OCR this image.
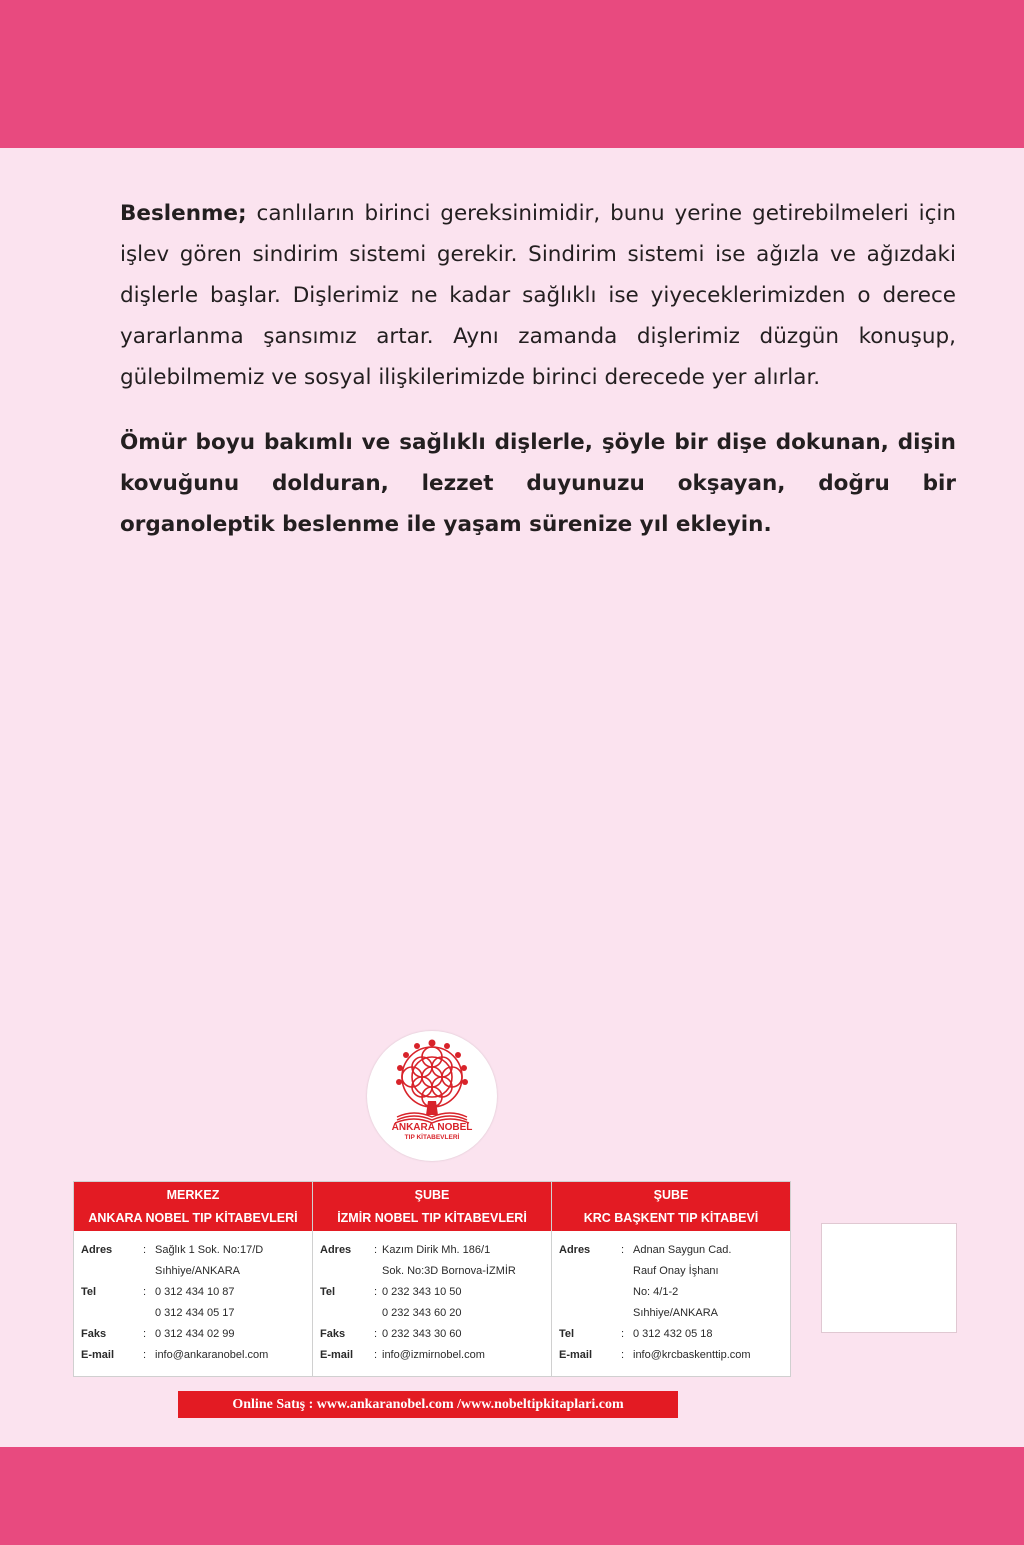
Beslenme; canlıların birinci gereksinimidir, bunu yerine getirebilmeleri için işlev gören sindirim sistemi gerekir. Sindirim sistemi ise ağızla ve ağızdaki dişlerle başlar. Dişlerimiz ne kadar sağlıklı ise yiyeceklerimizden o derece yararlanma şansımız artar. Aynı zamanda dişlerimiz düzgün konuşup, gülebilmemiz ve sosyal ilişkilerimizde birinci derecede yer alırlar.

Ömür boyu bakımlı ve sağlıklı dişlerle, şöyle bir dişe dokunan, dişin kovuğunu dolduran, lezzet duyunuzu okşayan, doğru bir organoleptik beslenme ile yaşam sürenize yıl ekleyin.

ANKARA NOBEL
TIP KİTABEVLERİ
MERKEZ
ANKARA NOBEL TIP KİTABEVLERİ
Adres	: Sağlık 1 Sok. No:17/D
Sıhhiye/ANKARA
Tel	: 0 312 434 10 87
0 312 434 05 17
Faks	: 0 312 434 02 99
E-mail	: info@ankaranobel.com
ŞUBE
İZMİR NOBEL TIP KİTABEVLERİ
Adres	: Kazım Dirik Mh. 186/1
Sok. No:3D Bornova-İZMİR
Tel	: 0 232 343 10 50
0 232 343 60 20
Faks	: 0 232 343 30 60
E-mail	: info@izmirnobel.com
ŞUBE
KRC BAŞKENT TIP KİTABEVİ
Adres	: Adnan Saygun Cad.
Rauf Onay İşhanı
No: 4/1-2
Sıhhiye/ANKARA
Tel	: 0 312 432 05 18
E-mail	: info@krcbaskenttip.com
Online Satış : www.ankaranobel.com /www.nobeltipkitaplari.com
